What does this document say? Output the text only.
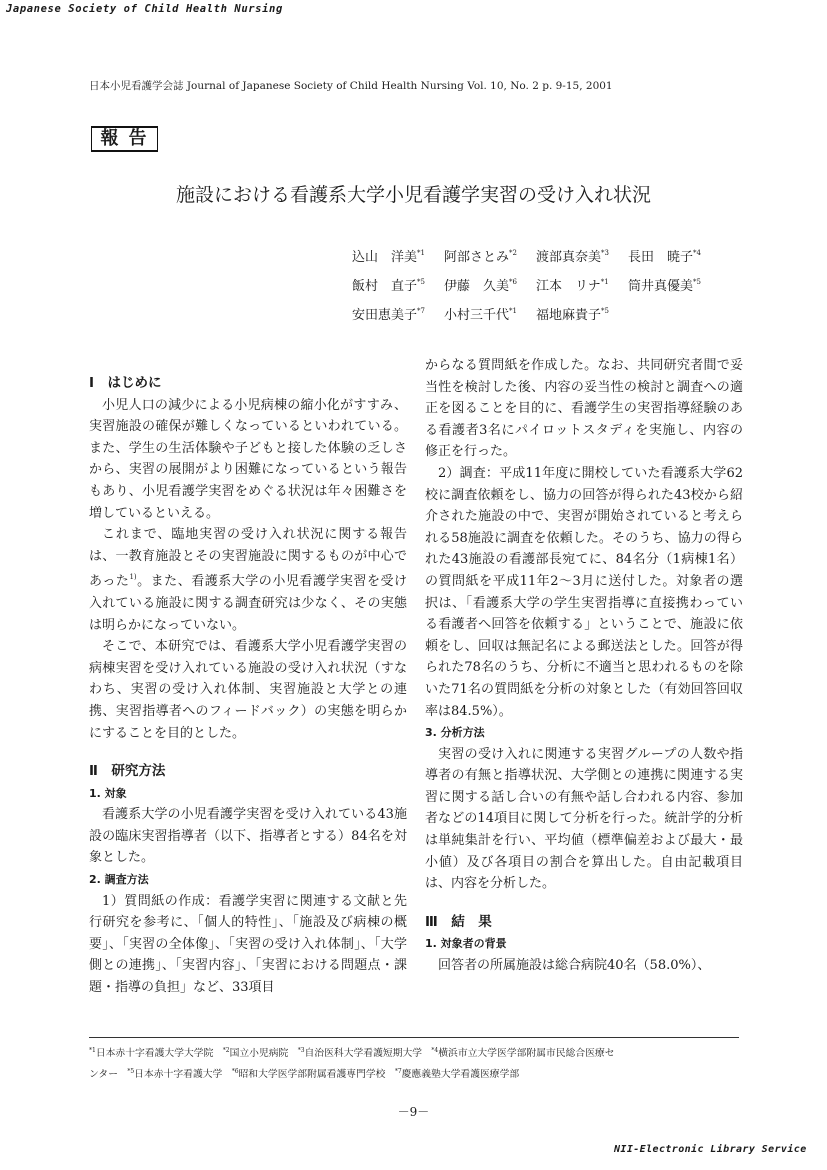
Japanese Society of Child Health Nursing
日本小児看護学会誌 Journal of Japanese Society of Child Health Nursing Vol. 10, No. 2 p. 9-15, 2001
報告
施設における看護系大学小児看護学実習の受け入れ状況
込山　洋美$^{*1}$	阿部さとみ$^{*2}$	渡部真奈美$^{*3}$	長田　暁子$^{*4}$
飯村　直子$^{*5}$	伊藤　久美$^{*6}$	江本　リナ$^{*1}$	筒井真優美$^{*5}$
安田恵美子$^{*7}$	小村三千代$^{*1}$	福地麻貴子$^{*5}$

Ⅰ　はじめに

小児人口の減少による小児病棟の縮小化がすすみ、実習施設の確保が難しくなっているといわれている。また、学生の生活体験や子どもと接した体験の乏しさから、実習の展開がより困難になっているという報告もあり、小児看護学実習をめぐる状況は年々困難さを増しているといえる。

これまで、臨地実習の受け入れ状況に関する報告は、一教育施設とその実習施設に関するものが中心であった$^{1)}$。また、看護系大学の小児看護学実習を受け入れている施設に関する調査研究は少なく、その実態は明らかになっていない。

そこで、本研究では、看護系大学小児看護学実習の病棟実習を受け入れている施設の受け入れ状況（すなわち、実習の受け入れ体制、実習施設と大学との連携、実習指導者へのフィードバック）の実態を明らかにすることを目的とした。

Ⅱ　研究方法

1. 対象

看護系大学の小児看護学実習を受け入れている43施設の臨床実習指導者（以下、指導者とする）84名を対象とした。

2. 調査方法

1）質問紙の作成：看護学実習に関連する文献と先行研究を参考に、「個人的特性」、「施設及び病棟の概要」、「実習の全体像」、「実習の受け入れ体制」、「大学側との連携」、「実習内容」、「実習における問題点・課題・指導の負担」など、33項目

からなる質問紙を作成した。なお、共同研究者間で妥当性を検討した後、内容の妥当性の検討と調査への適正を図ることを目的に、看護学生の実習指導経験のある看護者3名にパイロットスタディを実施し、内容の修正を行った。

2）調査：平成11年度に開校していた看護系大学62校に調査依頼をし、協力の回答が得られた43校から紹介された施設の中で、実習が開始されていると考えられる58施設に調査を依頼した。そのうち、協力の得られた43施設の看護部長宛てに、84名分（1病棟1名）の質問紙を平成11年2～3月に送付した。対象者の選択は、「看護系大学の学生実習指導に直接携わっている看護者へ回答を依頼する」ということで、施設に依頼をし、回収は無記名による郵送法とした。回答が得られた78名のうち、分析に不適当と思われるものを除いた71名の質問紙を分析の対象とした（有効回答回収率は84.5%）。

3. 分析方法

実習の受け入れに関連する実習グループの人数や指導者の有無と指導状況、大学側との連携に関連する実習に関する話し合いの有無や話し合われる内容、参加者などの14項目に関して分析を行った。統計学的分析は単純集計を行い、平均値（標準偏差および最大・最小値）及び各項目の割合を算出した。自由記載項目は、内容を分析した。

Ⅲ　結　果

1. 対象者の背景

回答者の所属施設は総合病院40名（58.0%）、

$^{*1}$日本赤十字看護大学大学院 $^{*2}$国立小児病院 $^{*3}$自治医科大学看護短期大学 $^{*4}$横浜市立大学医学部附属市民総合医療セ
ンター $^{*5}$日本赤十字看護大学 $^{*6}$昭和大学医学部附属看護専門学校 $^{*7}$慶應義塾大学看護医療学部
－9－
NII-Electronic Library Service
